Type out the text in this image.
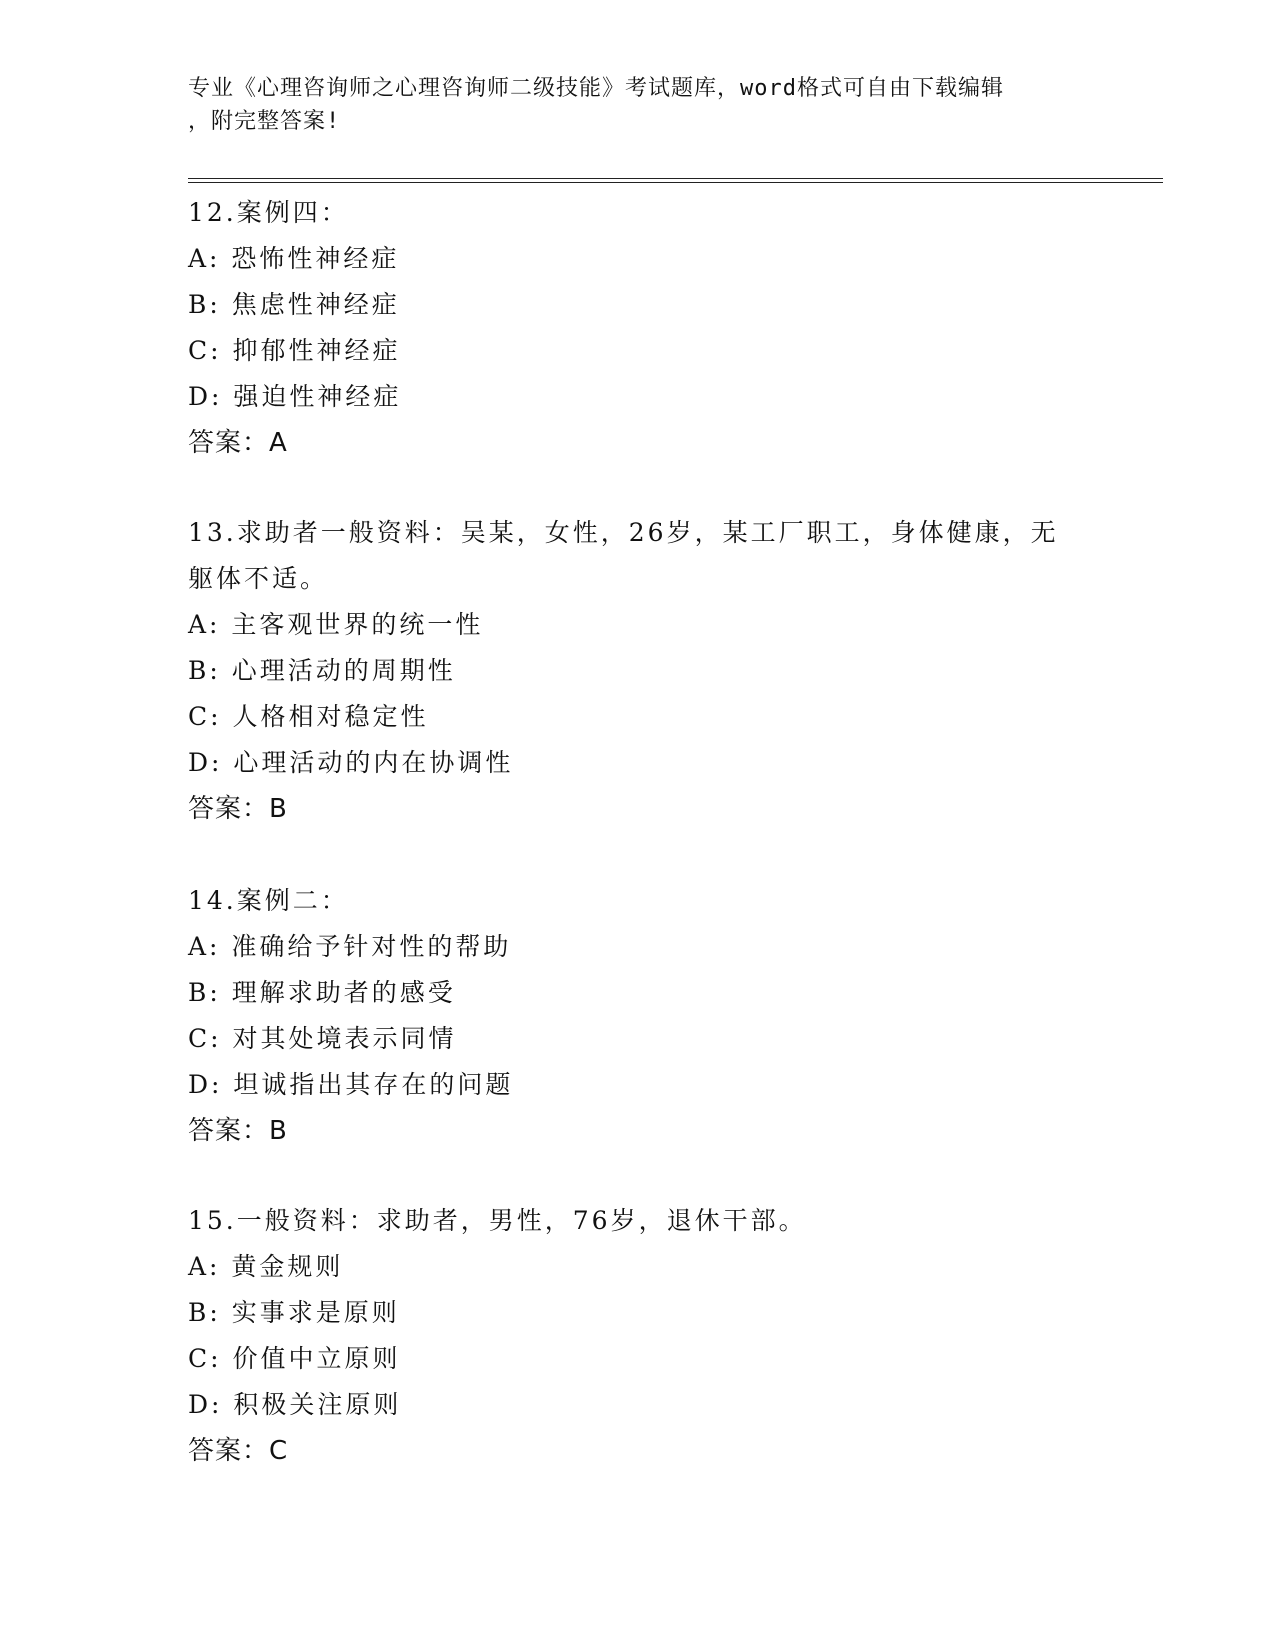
专业《心理咨询师之心理咨询师二级技能》考试题库，word格式可自由下载编辑
，附完整答案!
12.案例四：
A: 恐怖性神经症
B: 焦虑性神经症
C: 抑郁性神经症
D: 强迫性神经症
答案：A
13.求助者一般资料：吴某，女性，26岁，某工厂职工，身体健康，无
躯体不适。
A: 主客观世界的统一性
B: 心理活动的周期性
C: 人格相对稳定性
D: 心理活动的内在协调性
答案：B
14.案例二：
A: 准确给予针对性的帮助
B: 理解求助者的感受
C: 对其处境表示同情
D: 坦诚指出其存在的问题
答案：B
15.一般资料：求助者，男性，76岁，退休干部。
A: 黄金规则
B: 实事求是原则
C: 价值中立原则
D: 积极关注原则
答案：C
